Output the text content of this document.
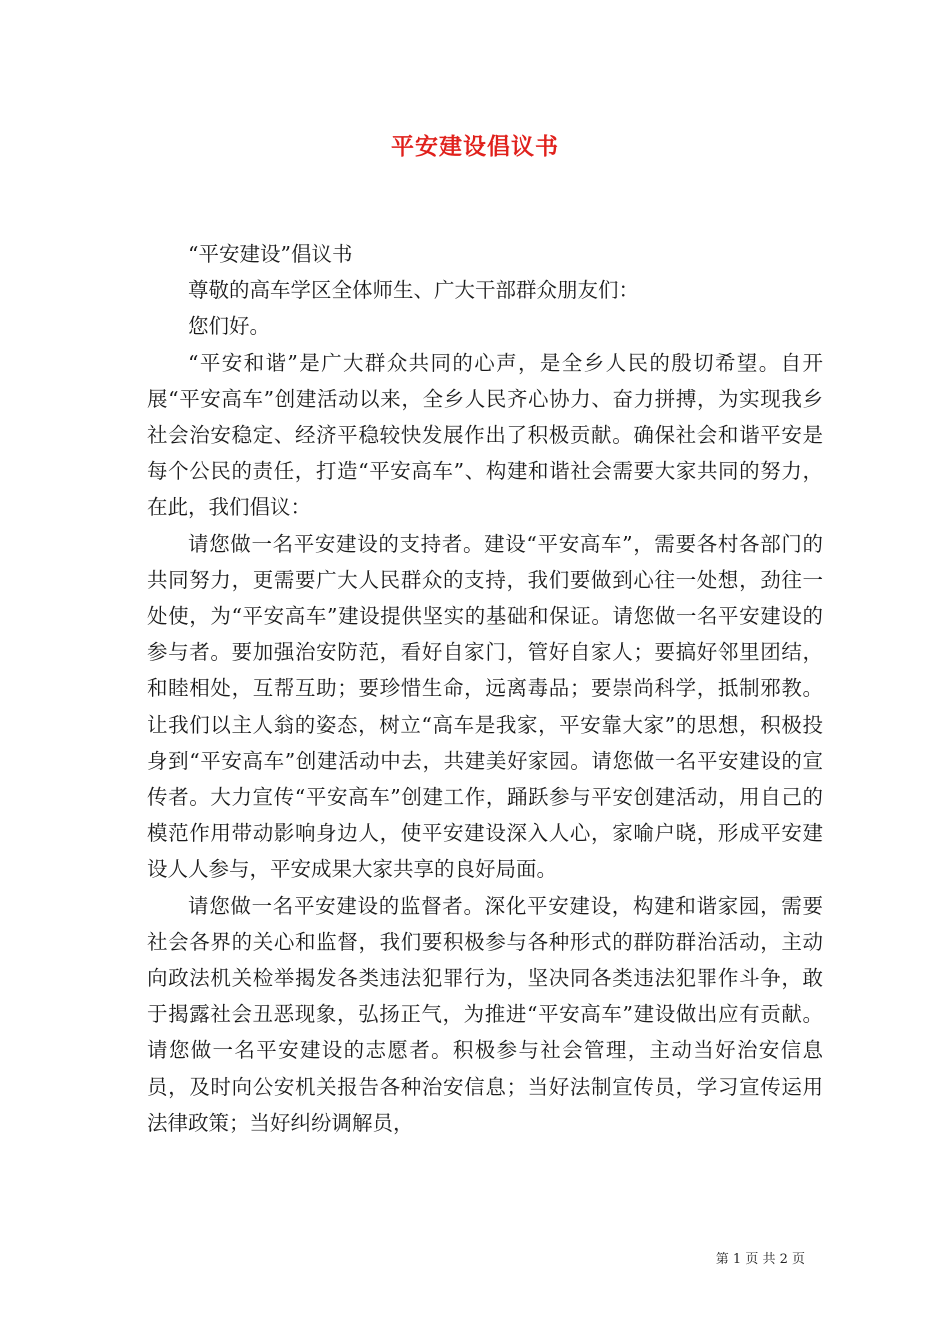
平安建设倡议书

“平安建设”倡议书

尊敬的高车学区全体师生、广大干部群众朋友们：

您们好。

“平安和谐”是广大群众共同的心声，是全乡人民的殷切希望。自开展“平安高车”创建活动以来，全乡人民齐心协力、奋力拼搏，为实现我乡社会治安稳定、经济平稳较快发展作出了积极贡献。确保社会和谐平安是每个公民的责任，打造“平安高车”、构建和谐社会需要大家共同的努力，在此，我们倡议：

请您做一名平安建设的支持者。建设“平安高车”，需要各村各部门的共同努力，更需要广大人民群众的支持，我们要做到心往一处想，劲往一处使，为“平安高车”建设提供坚实的基础和保证。请您做一名平安建设的参与者。要加强治安防范，看好自家门，管好自家人；要搞好邻里团结，和睦相处，互帮互助；要珍惜生命，远离毒品；要崇尚科学，抵制邪教。让我们以主人翁的姿态，树立“高车是我家，平安靠大家”的思想，积极投身到“平安高车”创建活动中去，共建美好家园。请您做一名平安建设的宣传者。大力宣传“平安高车”创建工作，踊跃参与平安创建活动，用自己的模范作用带动影响身边人，使平安建设深入人心，家喻户晓，形成平安建设人人参与，平安成果大家共享的良好局面。

请您做一名平安建设的监督者。深化平安建设，构建和谐家园，需要社会各界的关心和监督，我们要积极参与各种形式的群防群治活动，主动向政法机关检举揭发各类违法犯罪行为，坚决同各类违法犯罪作斗争，敢于揭露社会丑恶现象，弘扬正气，为推进“平安高车”建设做出应有贡献。请您做一名平安建设的志愿者。积极参与社会管理，主动当好治安信息员，及时向公安机关报告各种治安信息；当好法制宣传员，学习宣传运用法律政策；当好纠纷调解员，

第 1 页 共 2 页
